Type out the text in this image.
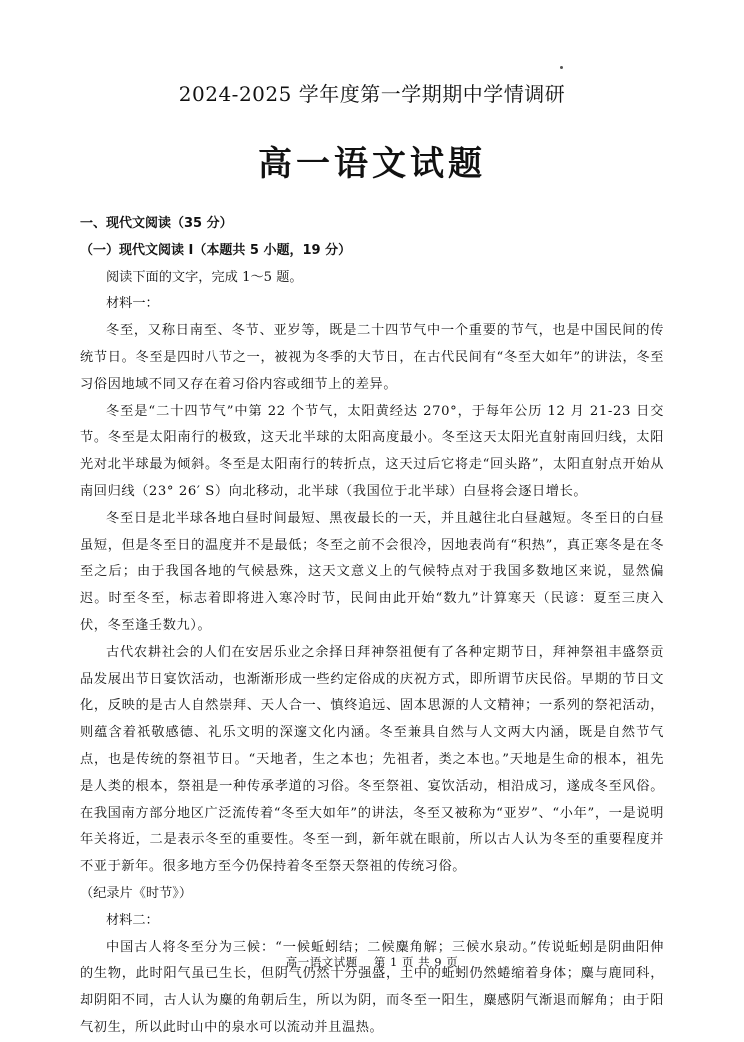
2024-2025 学年度第一学期期中学情调研
高一语文试题
一、现代文阅读（35 分）
（一）现代文阅读 I（本题共 5 小题，19 分）
阅读下面的文字，完成 1～5 题。
材料一：

冬至，又称日南至、冬节、亚岁等，既是二十四节气中一个重要的节气，也是中国民间的传统节日。冬至是四时八节之一，被视为冬季的大节日，在古代民间有“冬至大如年”的讲法，冬至习俗因地域不同又存在着习俗内容或细节上的差异。

冬至是“二十四节气”中第 22 个节气，太阳黄经达 270°，于每年公历 12 月 21-23 日交节。冬至是太阳南行的极致，这天北半球的太阳高度最小。冬至这天太阳光直射南回归线，太阳光对北半球最为倾斜。冬至是太阳南行的转折点，这天过后它将走“回头路”，太阳直射点开始从南回归线（23° 26′ S）向北移动，北半球（我国位于北半球）白昼将会逐日增长。

冬至日是北半球各地白昼时间最短、黑夜最长的一天，并且越往北白昼越短。冬至日的白昼虽短，但是冬至日的温度并不是最低；冬至之前不会很冷，因地表尚有“积热”，真正寒冬是在冬至之后；由于我国各地的气候悬殊，这天文意义上的气候特点对于我国多数地区来说，显然偏迟。时至冬至，标志着即将进入寒冷时节，民间由此开始“数九”计算寒天（民谚：夏至三庚入伏，冬至逢壬数九）。

古代农耕社会的人们在安居乐业之余择日拜神祭祖便有了各种定期节日，拜神祭祖丰盛祭贡品发展出节日宴饮活动，也渐渐形成一些约定俗成的庆祝方式，即所谓节庆民俗。早期的节日文化，反映的是古人自然崇拜、天人合一、慎终追远、固本思源的人文精神；一系列的祭祀活动，则蕴含着祇敬感德、礼乐文明的深邃文化内涵。冬至兼具自然与人文两大内涵，既是自然节气点，也是传统的祭祖节日。“天地者，生之本也；先祖者，类之本也。”天地是生命的根本，祖先是人类的根本，祭祖是一种传承孝道的习俗。冬至祭祖、宴饮活动，相沿成习，遂成冬至风俗。在我国南方部分地区广泛流传着“冬至大如年”的讲法，冬至又被称为“亚岁”、“小年”，一是说明年关将近，二是表示冬至的重要性。冬至一到，新年就在眼前，所以古人认为冬至的重要程度并不亚于新年。很多地方至今仍保持着冬至祭天祭祖的传统习俗。

（纪录片《时节》）

材料二：

中国古人将冬至分为三候：“一候蚯蚓结；二候麋角解；三候水泉动。”传说蚯蚓是阴曲阳伸的生物，此时阳气虽已生长，但阴气仍然十分强盛，土中的蚯蚓仍然蜷缩着身体；麋与鹿同科，却阴阳不同，古人认为麋的角朝后生，所以为阴，而冬至一阳生，麋感阴气渐退而解角；由于阳气初生，所以此时山中的泉水可以流动并且温热。

高一语文试题　 第 1 页 共 9 页
